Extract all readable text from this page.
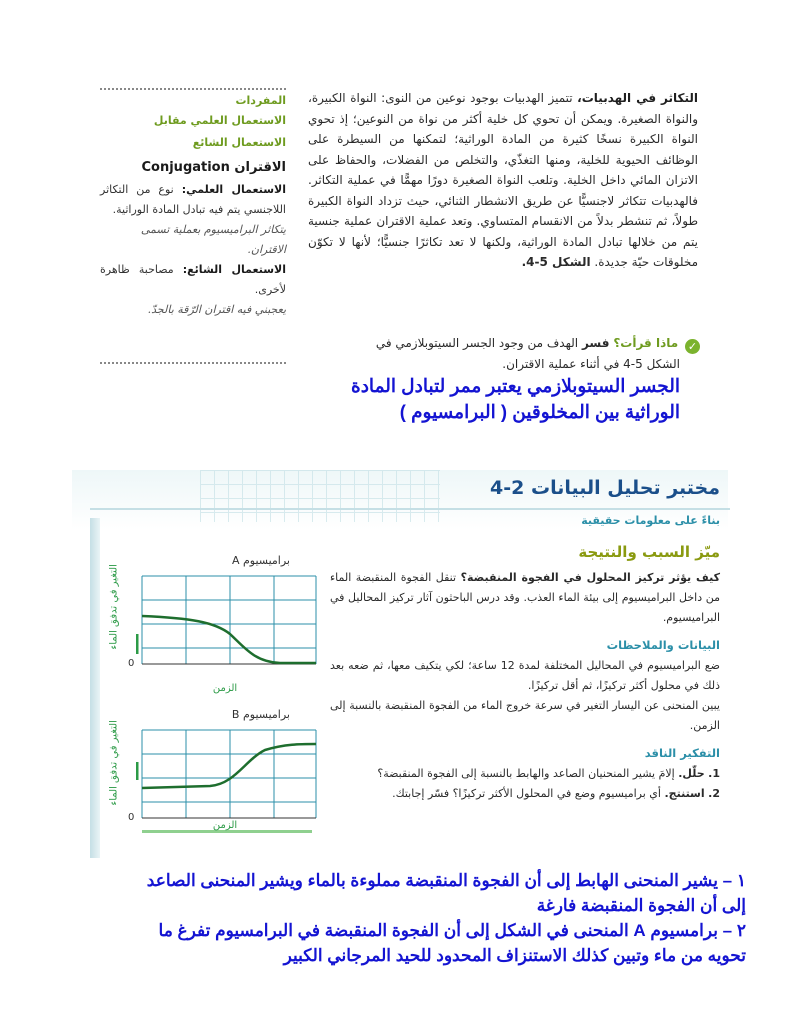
التكاثر في الهدبيات، تتميز الهدبيات بوجود نوعين من النوى: النواة الكبيرة، والنواة الصغيرة. ويمكن أن تحوي كل خلية أكثر من نواة من النوعين؛ إذ تحوي النواة الكبيرة نسخًا كثيرة من المادة الوراثية؛ لتمكنها من السيطرة على الوظائف الحيوية للخلية، ومنها التغذّي، والتخلص من الفضلات، والحفاظ على الاتزان المائي داخل الخلية. وتلعب النواة الصغيرة دورًا مهمًّا في عملية التكاثر. فالهدبيات تتكاثر لاجنسيًّا عن طريق الانشطار الثنائي، حيث تزداد النواة الكبيرة طولاً، ثم تنشطر بدلاً من الانقسام المتساوي. وتعد عملية الاقتران عملية جنسية يتم من خلالها تبادل المادة الوراثية، ولكنها لا تعد تكاثرًا جنسيًّا؛ لأنها لا تكوّن مخلوقات حيّة جديدة. الشكل 5-4.
✓ ماذا قرأت؟ فسر الهدف من وجود الجسر السيتوبلازمي في
الشكل 5-4 في أثناء عملية الاقتران.
المفردات
الاستعمال العلمي مقابل
الاستعمال الشائع
الاقتران Conjugation
الاستعمال العلمي: نوع من التكاثر اللاجنسي يتم فيه تبادل المادة الوراثية.
يتكاثر البراميسيوم بعملية تسمى الاقتران.
الاستعمال الشائع: مصاحبة ظاهرة لأخرى.
يعجبني فيه اقتران الرّقة بالجدّ.
الجسر السيتوبلازمي يعتبر ممر لتبادل المادة
الوراثية بين المخلوقين ( البرامسيوم )
مختبر تحليل البيانات 2-4
بناءً على معلومات حقيقية
ميّز السبب والنتيجة
كيف يؤثر تركيز المحلول في الفجوة المنقبضة؟ تنقل الفجوة المنقبضة الماء من داخل البراميسيوم إلى بيئة الماء العذب. وقد درس الباحثون آثار تركيز المحاليل في البراميسيوم.
البيانات والملاحظات
ضع البراميسيوم في المحاليل المختلفة لمدة 12 ساعة؛ لكي يتكيف معها، ثم ضعه بعد ذلك في محلول أكثر تركيزًا، ثم أقل تركيزًا.
يبين المنحنى عن اليسار التغير في سرعة خروج الماء من الفجوة المنقبضة بالنسبة إلى الزمن.
التفكير الناقد
1. حلّل. إلامَ يشير المنحنيان الصاعد والهابط بالنسبة إلى الفجوة المنقبضة؟
2. استنتج. أي براميسيوم وضع في المحلول الأكثر تركيزًا؟ فسّر إجابتك.
براميسيوم A
0
التغير في تدفق الماء
الزمن
براميسيوم B
0
التغير في تدفق الماء
الزمن
١ – يشير المنحنى الهابط إلى أن الفجوة المنقبضة مملوءة بالماء ويشير المنحنى الصاعد
إلى أن الفجوة المنقبضة فارغة
٢ – برامسيوم A المنحنى في الشكل إلى أن الفجوة المنقبضة في البرامسيوم تفرغ ما
تحويه من ماء وتبين كذلك الاستنزاف المحدود للحيد المرجاني الكبير
